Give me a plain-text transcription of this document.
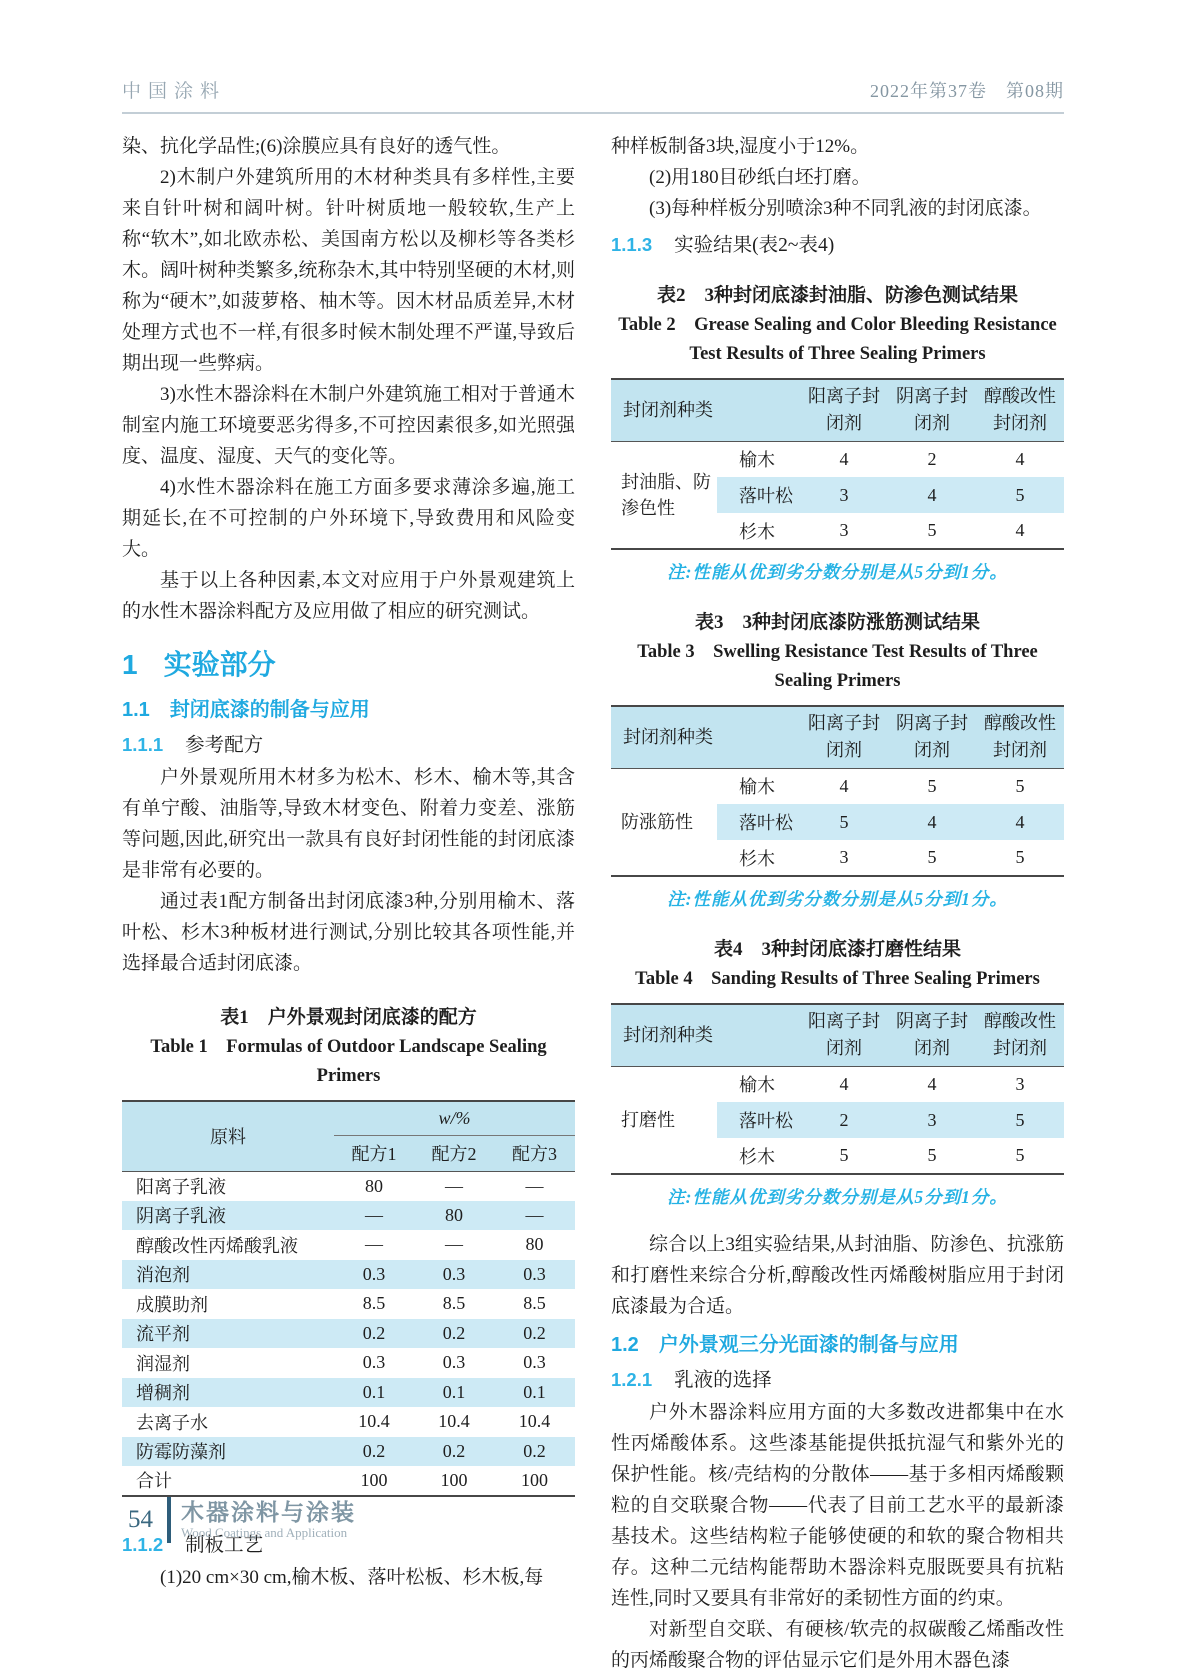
中国涂料	2022年第37卷　第08期

染、抗化学品性;(6)涂膜应具有良好的透气性。

2)木制户外建筑所用的木材种类具有多样性,主要来自针叶树和阔叶树。针叶树质地一般较软,生产上称“软木”,如北欧赤松、美国南方松以及柳杉等各类杉木。阔叶树种类繁多,统称杂木,其中特别坚硬的木材,则称为“硬木”,如菠萝格、柚木等。因木材品质差异,木材处理方式也不一样,有很多时候木制处理不严谨,导致后期出现一些弊病。

3)水性木器涂料在木制户外建筑施工相对于普通木制室内施工环境要恶劣得多,不可控因素很多,如光照强度、温度、湿度、天气的变化等。

4)水性木器涂料在施工方面多要求薄涂多遍,施工期延长,在不可控制的户外环境下,导致费用和风险变大。

基于以上各种因素,本文对应用于户外景观建筑上的水性木器涂料配方及应用做了相应的研究测试。

1 实验部分
1.1 封闭底漆的制备与应用
1.1.1 参考配方

户外景观所用木材多为松木、杉木、榆木等,其含有单宁酸、油脂等,导致木材变色、附着力变差、涨筋等问题,因此,研究出一款具有良好封闭性能的封闭底漆是非常有必要的。

通过表1配方制备出封闭底漆3种,分别用榆木、落叶松、杉木3种板材进行测试,分别比较其各项性能,并选择最合适封闭底漆。

表1　户外景观封闭底漆的配方
Table 1　Formulas of Outdoor Landscape Sealing Primers
原料	w/%		
	配方1	配方2	配方3
阳离子乳液	80	—	—
阴离子乳液	—	80	—
醇酸改性丙烯酸乳液	—	—	80
消泡剂	0.3	0.3	0.3
成膜助剂	8.5	8.5	8.5
流平剂	0.2	0.2	0.2
润湿剂	0.3	0.3	0.3
增稠剂	0.1	0.1	0.1
去离子水	10.4	10.4	10.4
防霉防藻剂	0.2	0.2	0.2
合计	100	100	100
1.1.2 制板工艺

(1)20 cm×30 cm,榆木板、落叶松板、杉木板,每

种样板制备3块,湿度小于12%。

(2)用180目砂纸白坯打磨。

(3)每种样板分别喷涂3种不同乳液的封闭底漆。

1.1.3 实验结果(表2~表4)
表2　3种封闭底漆封油脂、防渗色测试结果
Table 2　Grease Sealing and Color Bleeding Resistance Test Results of Three Sealing Primers
封闭剂种类		阳离子封闭剂	阴离子封闭剂	醇酸改性封闭剂
封油脂、防渗色性	榆木	4	2	4
	落叶松	3	4	5
	杉木	3	5	4
注:性能从优到劣分数分别是从5分到1分。
表3　3种封闭底漆防涨筋测试结果
Table 3　Swelling Resistance Test Results of Three Sealing Primers
封闭剂种类		阳离子封闭剂	阴离子封闭剂	醇酸改性封闭剂
防涨筋性	榆木	4	5	5
	落叶松	5	4	4
	杉木	3	5	5
注:性能从优到劣分数分别是从5分到1分。
表4　3种封闭底漆打磨性结果
Table 4　Sanding Results of Three Sealing Primers
封闭剂种类		阳离子封闭剂	阴离子封闭剂	醇酸改性封闭剂
打磨性	榆木	4	4	3
	落叶松	2	3	5
	杉木	5	5	5
注:性能从优到劣分数分别是从5分到1分。

综合以上3组实验结果,从封油脂、防渗色、抗涨筋和打磨性来综合分析,醇酸改性丙烯酸树脂应用于封闭底漆最为合适。

1.2 户外景观三分光面漆的制备与应用
1.2.1 乳液的选择

户外木器涂料应用方面的大多数改进都集中在水性丙烯酸体系。这些漆基能提供抵抗湿气和紫外光的保护性能。核/壳结构的分散体——基于多相丙烯酸颗粒的自交联聚合物——代表了目前工艺水平的最新漆基技术。这些结构粒子能够使硬的和软的聚合物相共存。这种二元结构能帮助木器涂料克服既要具有抗粘连性,同时又要具有非常好的柔韧性方面的约束。

对新型自交联、有硬核/软壳的叔碳酸乙烯酯改性的丙烯酸聚合物的评估显示它们是外用木器色漆

54 木器涂料与涂装
Wood Coatings and Application
